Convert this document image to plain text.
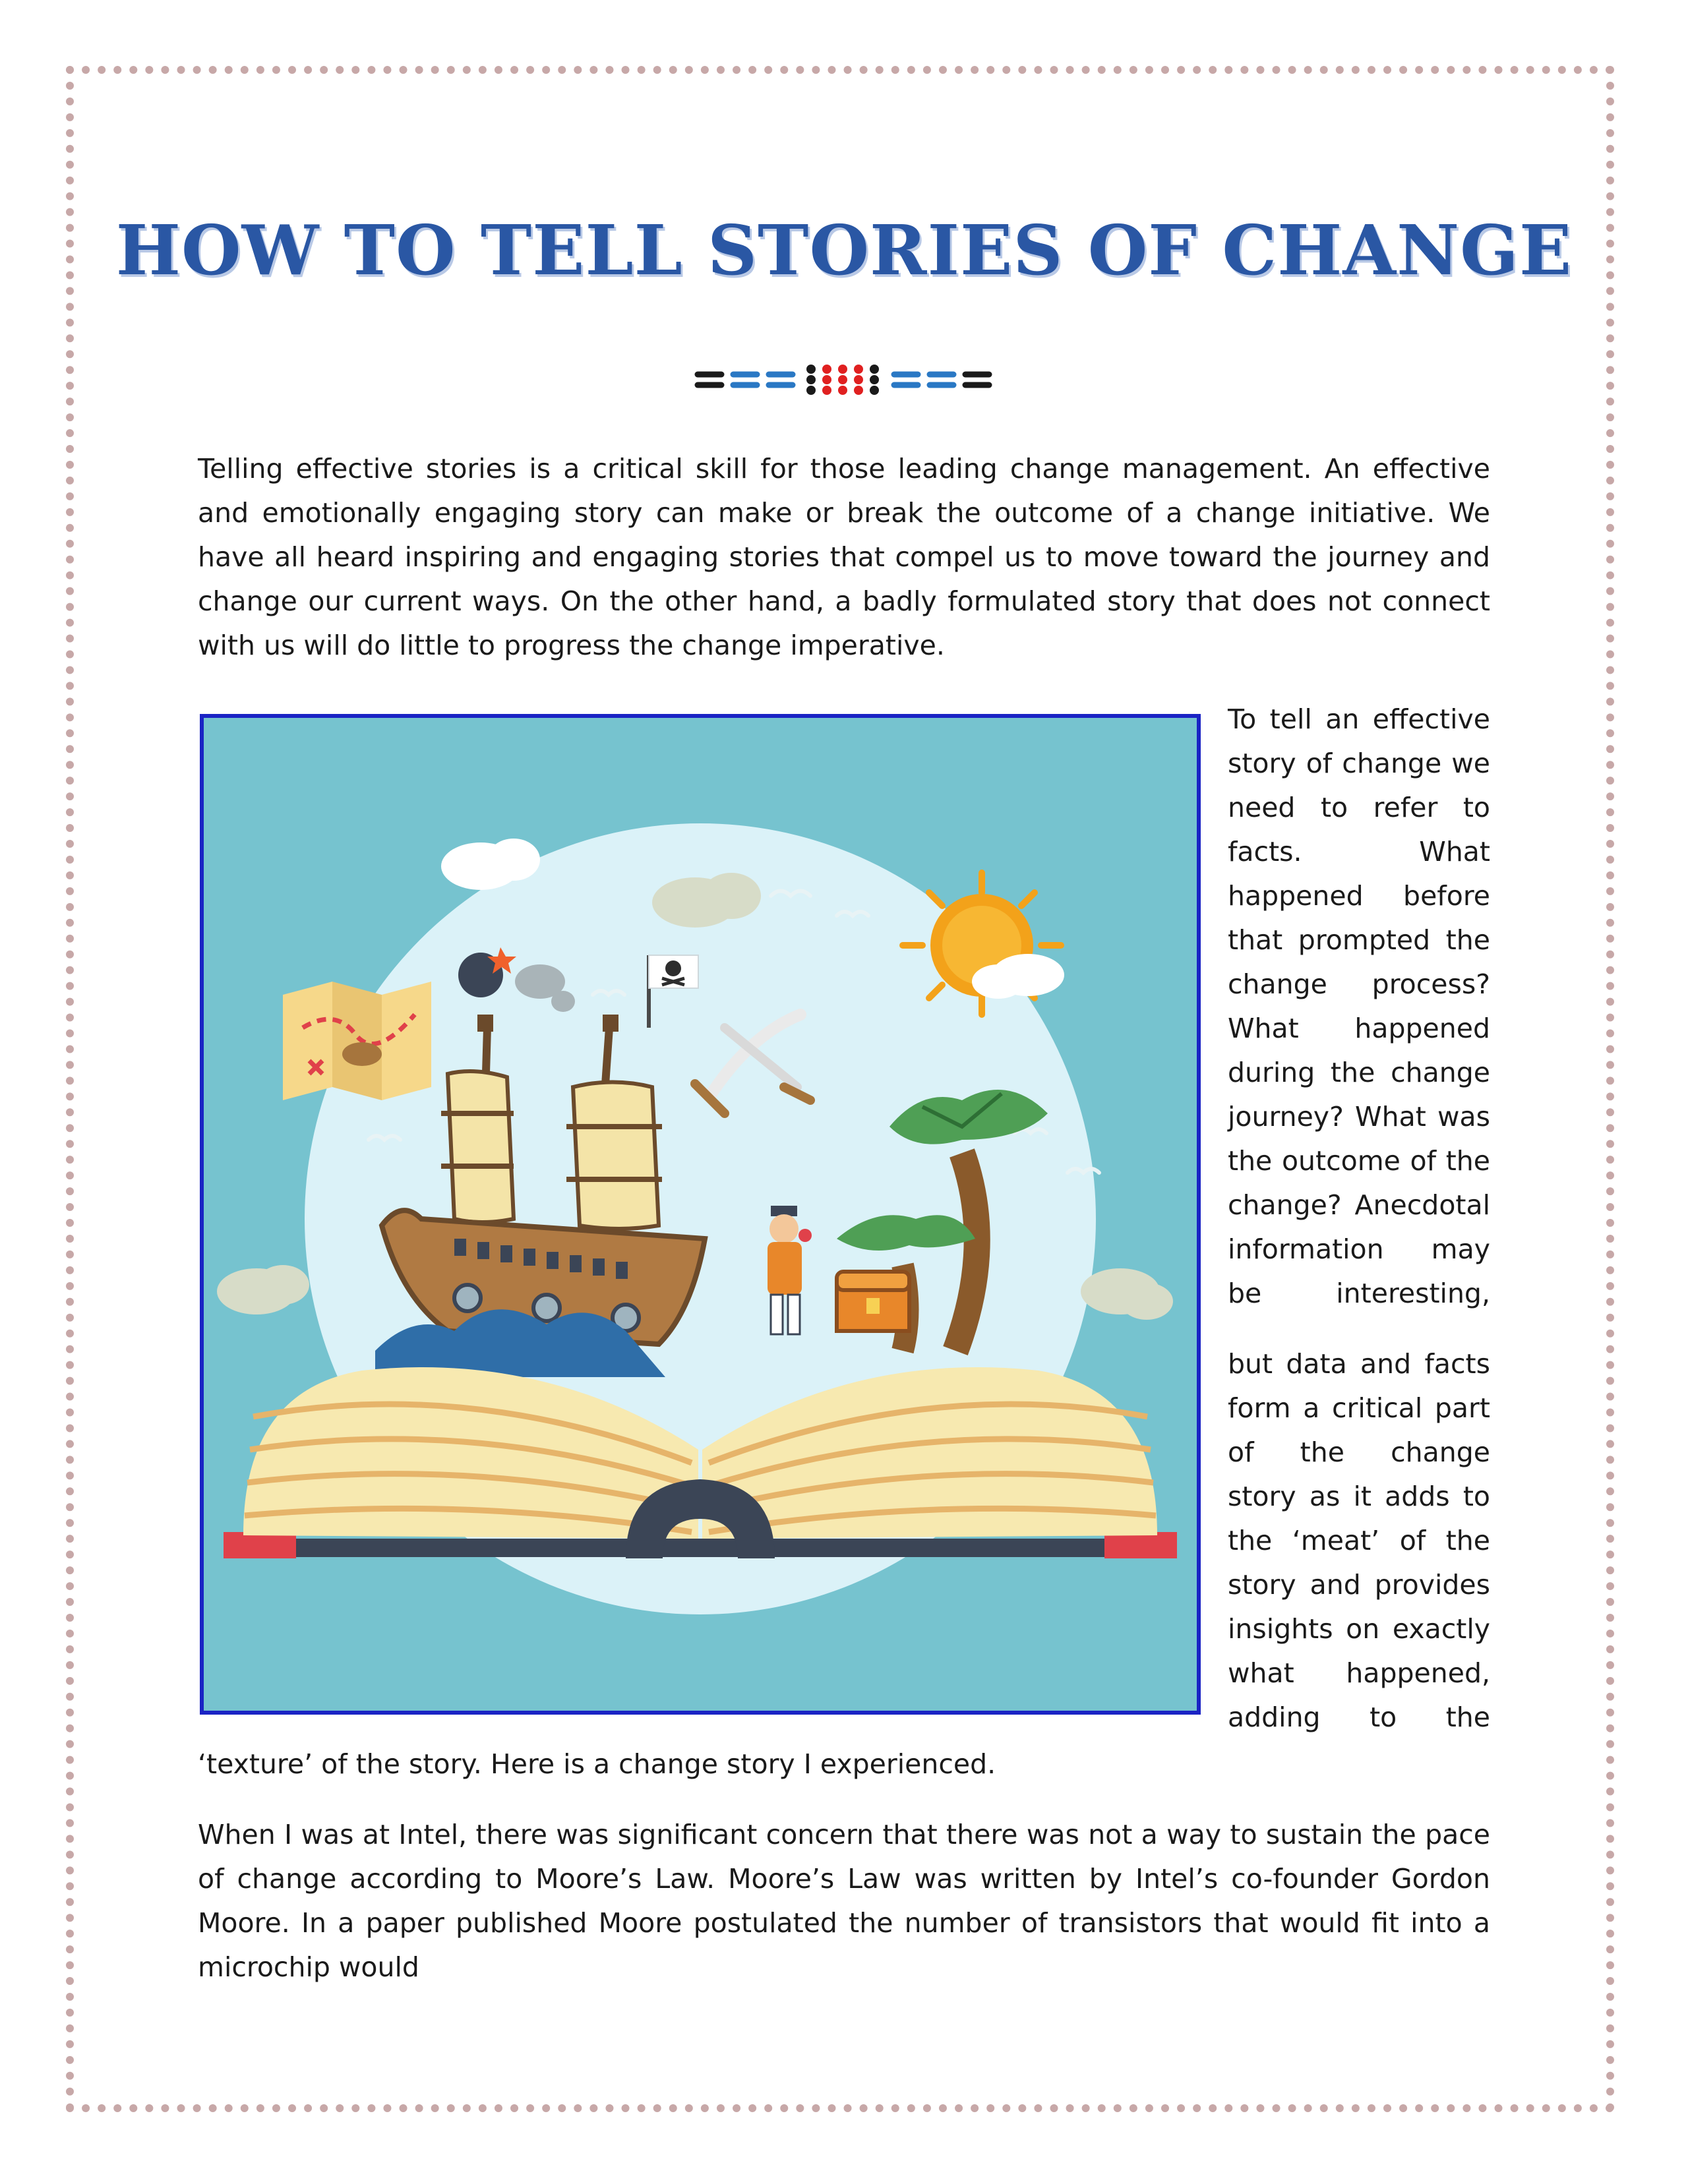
HOW TO TELL STORIES OF CHANGE

Telling effective stories is a critical skill for those leading change management. An effective and emotionally engaging story can make or break the outcome of a change initiative. We have all heard inspiring and engaging stories that compel us to move toward the journey and change our current ways. On the other hand, a badly formulated story that does not connect with us will do little to progress the change imperative.

To tell an effective story of change we need to refer to facts. What happened before that prompted the change process? What happened during the change journey? What was the outcome of the change? Anecdotal information may be interesting,

but data and facts form a critical part of the change story as it adds to the ‘meat’ of the story and provides insights on exactly what happened, adding to the

‘texture’ of the story. Here is a change story I experienced.

When I was at Intel, there was significant concern that there was not a way to sustain the pace of change according to Moore’s Law. Moore’s Law was written by Intel’s co-founder Gordon Moore. In a paper published Moore postulated the number of transistors that would fit into a microchip would
